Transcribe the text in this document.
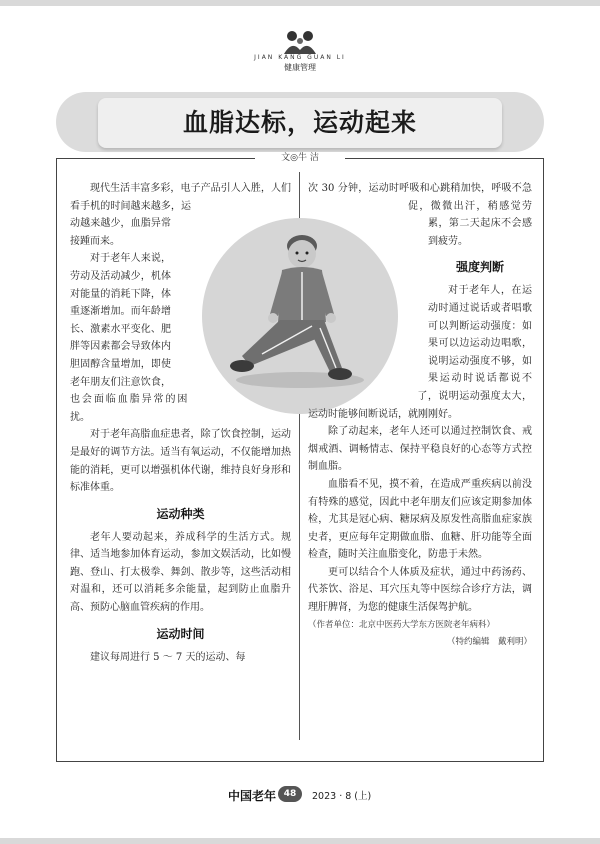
JIAN KANG GUAN LI
健康管理
血脂达标，运动起来
文◎牛 洁

现代生活丰富多彩，电子产品引人入胜，人们看手机的时间越来越多，运动越来越少，血脂异常接踵而来。

对于老年人来说，劳动及活动减少，机体对能量的消耗下降，体重逐渐增加。而年龄增长、激素水平变化、肥胖等因素都会导致体内胆固醇含量增加，即使老年朋友们注意饮食，也会面临血脂异常的困扰。

对于老年高脂血症患者，除了饮食控制，运动是最好的调节方法。适当有氧运动，不仅能增加热能的消耗，更可以增强机体代谢，维持良好身形和标准体重。

运动种类

老年人要动起来，养成科学的生活方式。规律、适当地参加体育运动，参加文娱活动，比如慢跑、登山、打太极拳、舞剑、散步等，这些活动相对温和，还可以消耗多余能量，起到防止血脂升高、预防心脑血管疾病的作用。

运动时间

建议每周进行 5 ～ 7 天的运动、每

次 30 分钟，运动时呼吸和心跳稍加快，呼吸不急促，微微出汗，稍感觉劳累，第二天起床不会感到疲劳。

强度判断

对于老年人，在运动时通过说话或者唱歌可以判断运动强度：如果可以边运动边唱歌，说明运动强度不够，如果运动时说话都说不了，说明运动强度太大，运动时能够间断说话，就刚刚好。

除了动起来，老年人还可以通过控制饮食、戒烟戒酒、调畅情志、保持平稳良好的心态等方式控制血脂。

血脂看不见，摸不着，在造成严重疾病以前没有特殊的感觉，因此中老年朋友们应该定期参加体检，尤其是冠心病、糖尿病及原发性高脂血症家族史者，更应每年定期做血脂、血糖、肝功能等全面检查，随时关注血脂变化，防患于未然。

更可以结合个人体质及症状，通过中药汤药、代茶饮、浴足、耳穴压丸等中医综合诊疗方法，调理肝脾肾，为您的健康生活保驾护航。

（作者单位：北京中医药大学东方医院老年病科）
（特约编辑　戴利明）
中国老年 48	2023 · 8 (上)
